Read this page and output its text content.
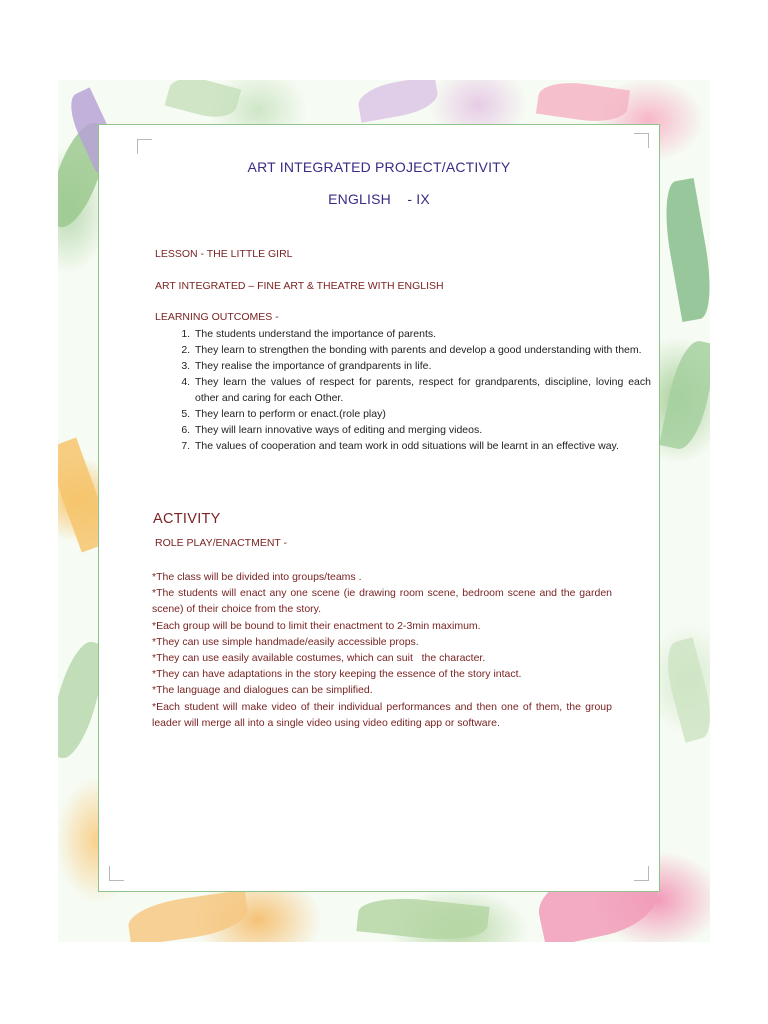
ART INTEGRATED PROJECT/ACTIVITY
ENGLISH    - IX
LESSON - THE LITTLE GIRL
ART INTEGRATED – FINE ART & THEATRE WITH ENGLISH
LEARNING OUTCOMES -
1. The students understand the importance of parents.
2. They learn to strengthen the bonding with parents and develop a good understanding with them.
3. They realise the importance of grandparents in life.
4. They learn the values of respect for parents, respect for grandparents, discipline, loving each other and caring for each Other.
5. They learn to perform or enact.(role play)
6. They will learn innovative ways of editing and merging videos.
7. The values of cooperation and team work in odd situations will be learnt in an effective way.
ACTIVITY
ROLE PLAY/ENACTMENT -

*The class will be divided into groups/teams .

*The students will enact any one scene (ie drawing room scene, bedroom scene and the garden scene) of their choice from the story.

*Each group will be bound to limit their enactment to 2-3min maximum.

*They can use simple handmade/easily accessible props.

*They can use easily available costumes, which can suit   the character.

*They can have adaptations in the story keeping the essence of the story intact.

*The language and dialogues can be simplified.

*Each student will make video of their individual performances and then one of them, the group leader will merge all into a single video using video editing app or software.
